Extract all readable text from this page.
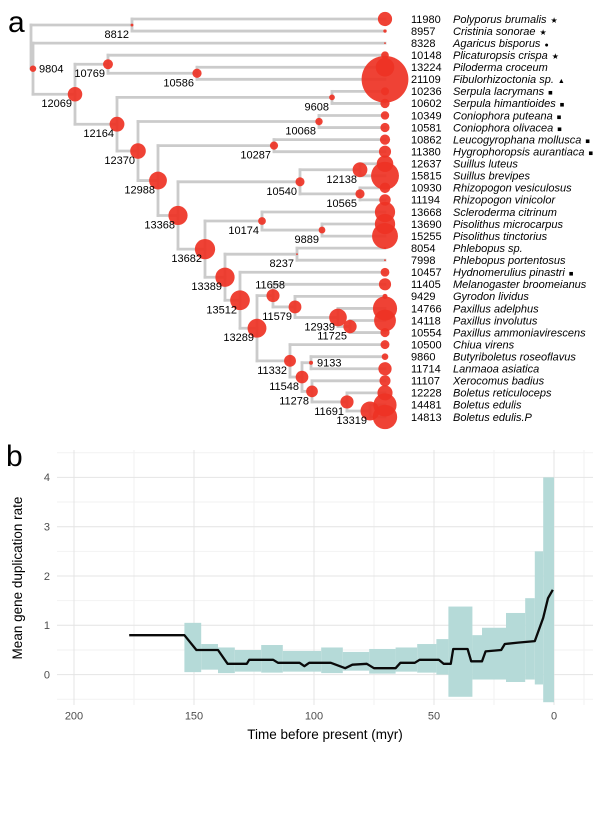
a	8812
10586
10769
9608
10068
10287
12138
10565
10540
9889
10174
8237
11725
12939
11579
11658
9133
13319
11691
11278
11548
11332
13289
13512
13389
13682
13368
12988
12370
12164
12069
9804
11980 Polyporus brumalis ★
8957 Cristinia sonorae ★
8328 Agaricus bisporus ●
10148 Plicaturopsis crispa ★
13224 Piloderma croceum
21109 Fibulorhizoctonia sp. ▲
10236 Serpula lacrymans ■
10602 Serpula himantioides ■
10349 Coniophora puteana ■
10581 Coniophora olivacea ■
10862 Leucogyrophana mollusca ■
11380 Hygrophoropsis aurantiaca ■
12637 Suillus luteus
15815 Suillus brevipes
10930 Rhizopogon vesiculosus
11194 Rhizopogon vinicolor
13668 Scleroderma citrinum
13690 Pisolithus microcarpus
15255 Pisolithus tinctorius
8054 Phlebopus sp.
7998 Phlebopus portentosus
10457 Hydnomerulius pinastri ■
11405 Melanogaster broomeianus
9429 Gyrodon lividus
14766 Paxillus adelphus
14118 Paxillus involutus
10554 Paxillus ammoniavirescens
10500 Chiua virens
9860 Butyriboletus roseoflavus
11714 Lanmaoa asiatica
11107 Xerocomus badius
12228 Boletus reticuloceps
14481 Boletus edulis
14813 Boletus edulis.P
b
0
1
2
3
4
200	150	100	50	0
Mean gene duplication rate
Time before present (myr)
